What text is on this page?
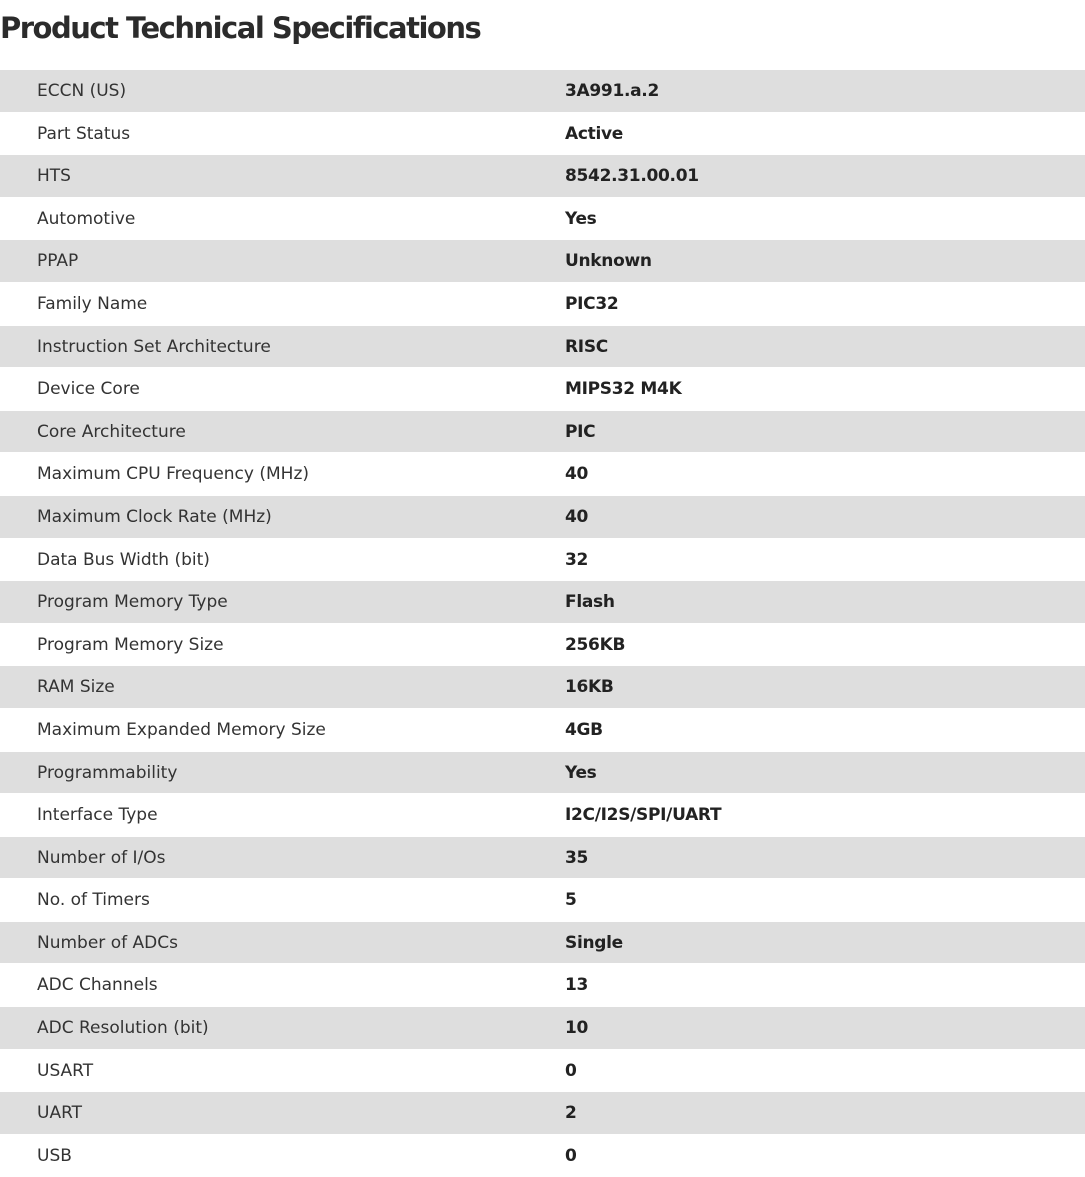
Product Technical Specifications
ECCN (US)	3A991.a.2
Part Status	Active
HTS	8542.31.00.01
Automotive	Yes
PPAP	Unknown
Family Name	PIC32
Instruction Set Architecture	RISC
Device Core	MIPS32 M4K
Core Architecture	PIC
Maximum CPU Frequency (MHz)	40
Maximum Clock Rate (MHz)	40
Data Bus Width (bit)	32
Program Memory Type	Flash
Program Memory Size	256KB
RAM Size	16KB
Maximum Expanded Memory Size	4GB
Programmability	Yes
Interface Type	I2C/I2S/SPI/UART
Number of I/Os	35
No. of Timers	5
Number of ADCs	Single
ADC Channels	13
ADC Resolution (bit)	10
USART	0
UART	2
USB	0
